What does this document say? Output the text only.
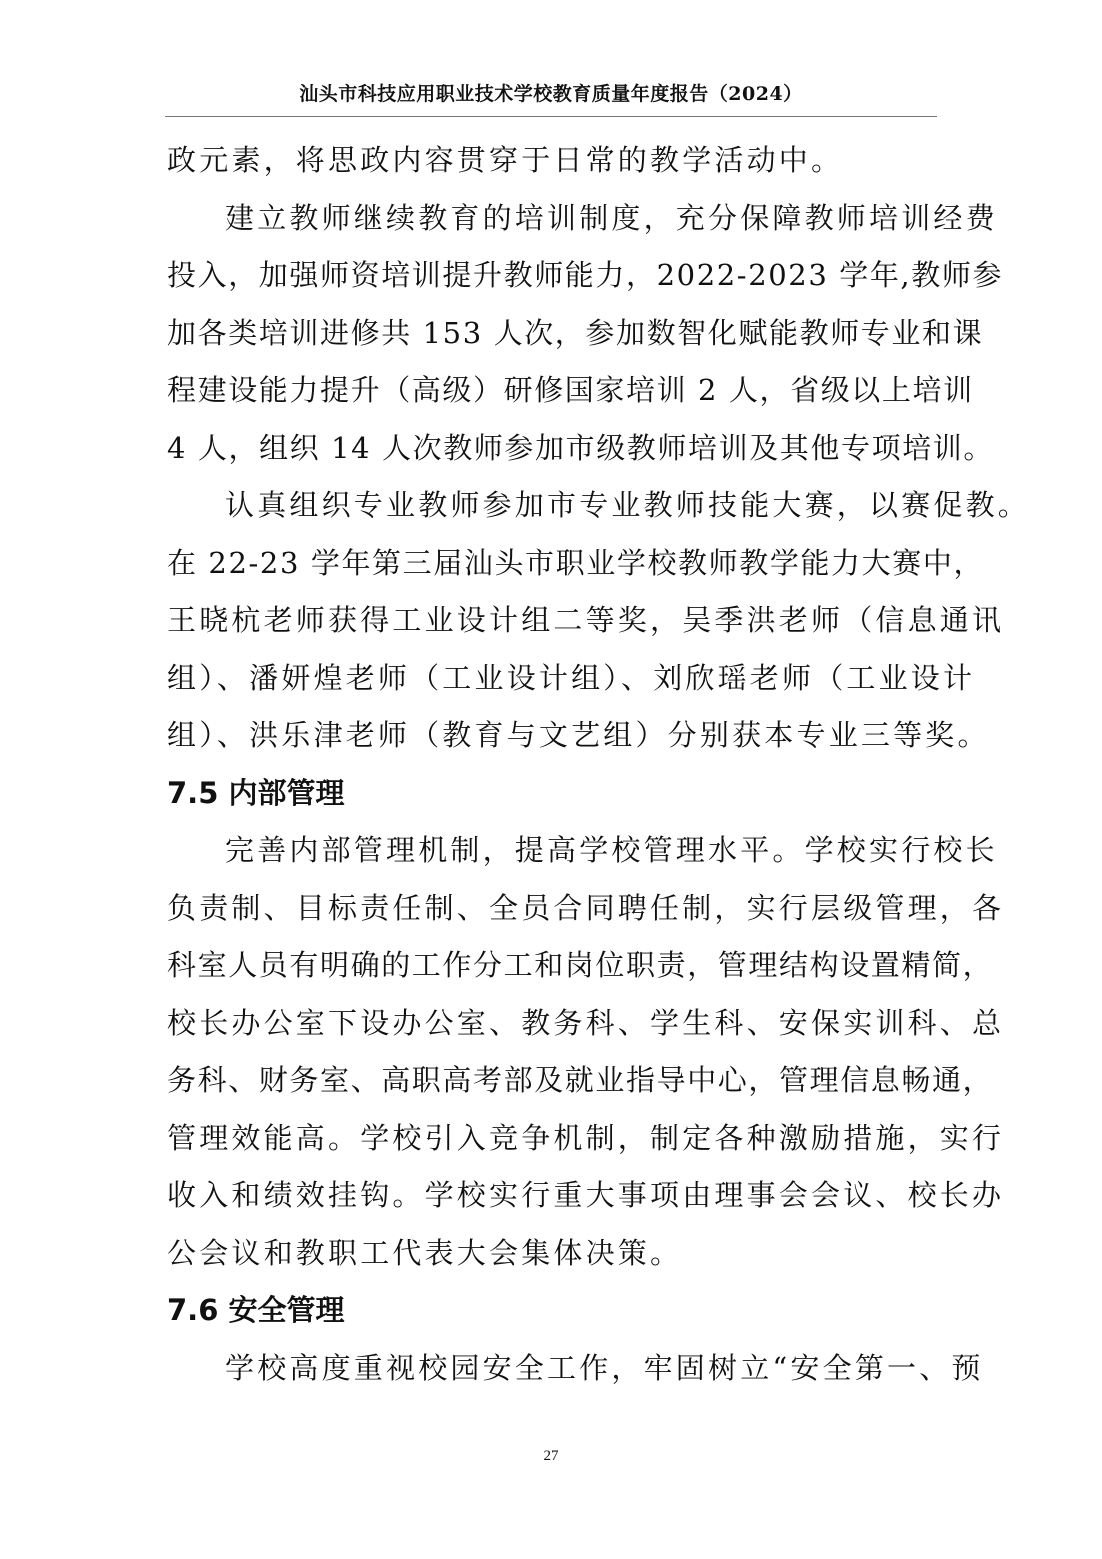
汕头市科技应用职业技术学校教育质量年度报告（2024）
政元素，将思政内容贯穿于日常的教学活动中。
建立教师继续教育的培训制度，充分保障教师培训经费
投入，加强师资培训提升教师能力，2022-2023 学年,教师参
加各类培训进修共 153 人次，参加数智化赋能教师专业和课
程建设能力提升（高级）研修国家培训 2 人，省级以上培训
4 人，组织 14 人次教师参加市级教师培训及其他专项培训。
认真组织专业教师参加市专业教师技能大赛，以赛促教。
在 22-23 学年第三届汕头市职业学校教师教学能力大赛中，
王晓杭老师获得工业设计组二等奖，吴季洪老师（信息通讯
组）、潘妍煌老师（工业设计组）、刘欣瑶老师（工业设计
组）、洪乐津老师（教育与文艺组）分别获本专业三等奖。
7.5 内部管理
完善内部管理机制，提高学校管理水平。学校实行校长
负责制、目标责任制、全员合同聘任制，实行层级管理，各
科室人员有明确的工作分工和岗位职责，管理结构设置精简，
校长办公室下设办公室、教务科、学生科、安保实训科、总
务科、财务室、高职高考部及就业指导中心，管理信息畅通，
管理效能高。学校引入竞争机制，制定各种激励措施，实行
收入和绩效挂钩。学校实行重大事项由理事会会议、校长办
公会议和教职工代表大会集体决策。
7.6 安全管理
学校高度重视校园安全工作，牢固树立“安全第一、预
27
